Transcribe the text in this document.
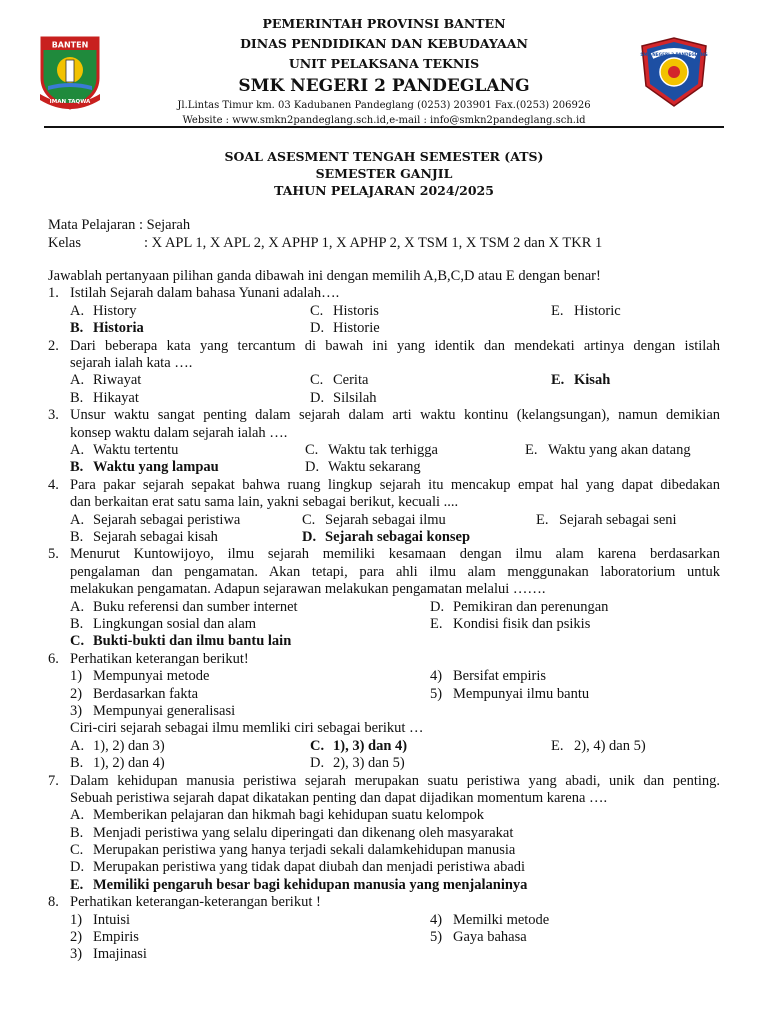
BANTEN
IMAN TAQWA
PEMERINTAH PROVINSI BANTEN
DINAS PENDIDIKAN DAN KEBUDAYAAN
UNIT PELAKSANA TEKNIS
SMK NEGERI 2 PANDEGLANG
Jl.Lintas Timur km. 03 Kadubanen Pandeglang (0253) 203901 Fax.(0253) 206926
Website : www.smkn2pandeglang.sch.id,e-mail : info@smkn2pandeglang.sch.id
SMK NEGERI 2 PANDEGLANG
SOAL ASESMENT TENGAH SEMESTER (ATS)
SEMESTER GANJIL
TAHUN PELAJARAN 2024/2025
Mata Pelajaran : Sejarah
Kelas	: X APL 1, X APL 2, X APHP 1, X APHP 2, X TSM 1, X TSM 2 dan X TKR 1
Jawablah pertanyaan pilihan ganda dibawah ini dengan memilih A,B,C,D atau E dengan benar!
1. Istilah Sejarah dalam bahasa Yunani adalah….
A. History	C. Historis	E. Historic
B. Historia	D. Historie
2. Dari beberapa kata yang tercantum di bawah ini yang identik dan mendekati artinya dengan istilah
sejarah ialah kata ….
A. Riwayat	C. Cerita	E. Kisah
B. Hikayat	D. Silsilah
3. Unsur waktu sangat penting dalam sejarah dalam arti waktu kontinu (kelangsungan), namun demikian
konsep waktu dalam sejarah ialah ….
A. Waktu tertentu	C. Waktu tak terhigga	E. Waktu yang akan datang
B. Waktu yang lampau	D. Waktu sekarang
4. Para pakar sejarah sepakat bahwa ruang lingkup sejarah itu mencakup empat hal yang dapat dibedakan
dan berkaitan erat satu sama lain, yakni sebagai berikut, kecuali ....
A. Sejarah sebagai peristiwa	C. Sejarah sebagai ilmu	E. Sejarah sebagai seni
B. Sejarah sebagai kisah	D. Sejarah sebagai konsep
5. Menurut Kuntowijoyo, ilmu sejarah memiliki kesamaan dengan ilmu alam karena berdasarkan
pengalaman dan pengamatan. Akan tetapi, para ahli ilmu alam menggunakan laboratorium untuk
melakukan pengamatan. Adapun sejarawan melakukan pengamatan melalui …….
A. Buku referensi dan sumber internet	D. Pemikiran dan perenungan
B. Lingkungan sosial dan alam	E. Kondisi fisik dan psikis
C. Bukti-bukti dan ilmu bantu lain
6. Perhatikan keterangan berikut!
1) Mempunyai metode	4) Bersifat empiris
2) Berdasarkan fakta	5) Mempunyai ilmu bantu
3) Mempunyai generalisasi
Ciri-ciri sejarah sebagai ilmu memliki ciri sebagai berikut …
A. 1), 2) dan 3)	C. 1), 3) dan 4)	E. 2), 4) dan 5)
B. 1), 2) dan 4)	D. 2), 3) dan 5)
7. Dalam kehidupan manusia peristiwa sejarah merupakan suatu peristiwa yang abadi, unik dan penting.
Sebuah peristiwa sejarah dapat dikatakan penting dan dapat dijadikan momentum karena ….
A. Memberikan pelajaran dan hikmah bagi kehidupan suatu kelompok
B. Menjadi peristiwa yang selalu diperingati dan dikenang oleh masyarakat
C. Merupakan peristiwa yang hanya terjadi sekali dalamkehidupan manusia
D. Merupakan peristiwa yang tidak dapat diubah dan menjadi peristiwa abadi
E. Memiliki pengaruh besar bagi kehidupan manusia yang menjalaninya
8. Perhatikan keterangan-keterangan berikut !
1) Intuisi	4) Memilki metode
2) Empiris	5) Gaya bahasa
3) Imajinasi
